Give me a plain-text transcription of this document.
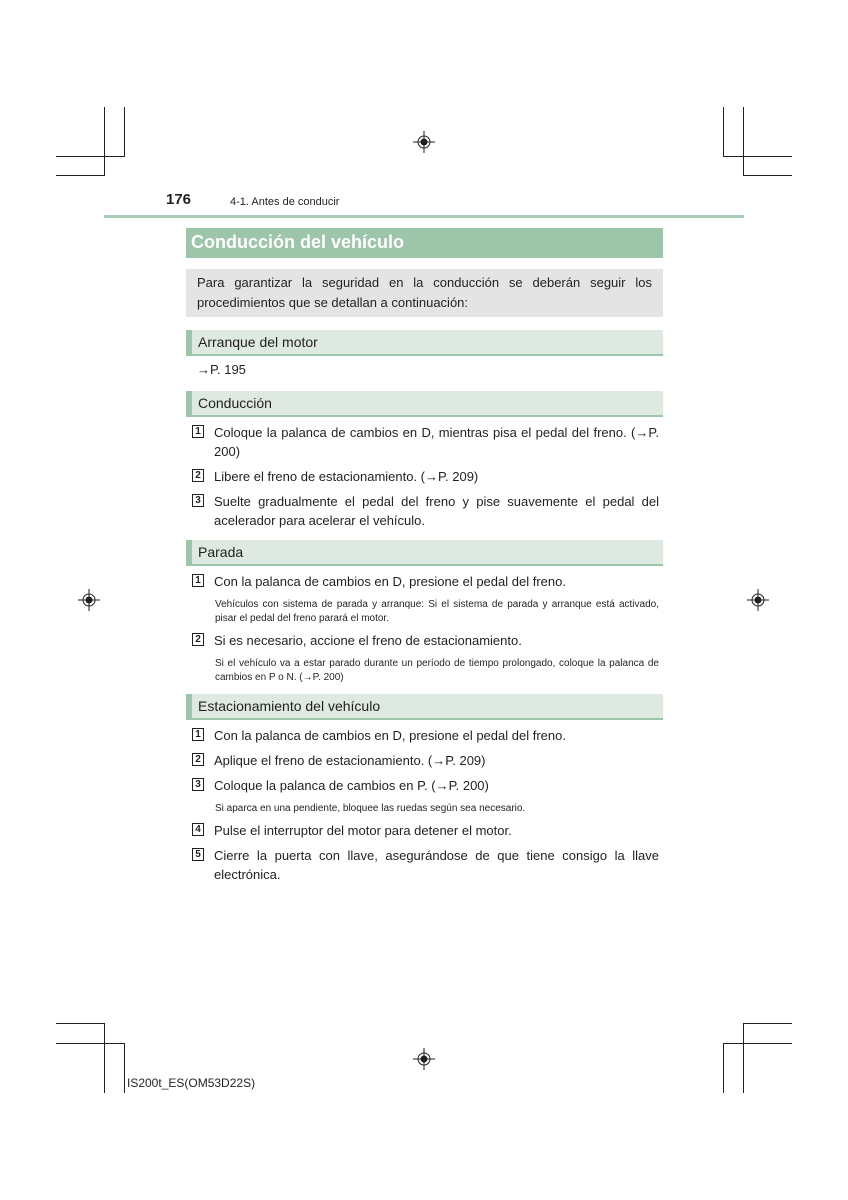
176	4-1. Antes de conducir
Conducción del vehículo
Para garantizar la seguridad en la conducción se deberán seguir los procedimientos que se detallan a continuación:
Arranque del motor
→P. 195
Conducción
1 Coloque la palanca de cambios en D, mientras pisa el pedal del freno. (→P. 200)
2 Libere el freno de estacionamiento. (→P. 209)
3 Suelte gradualmente el pedal del freno y pise suavemente el pedal del acelerador para acelerar el vehículo.
Parada
1 Con la palanca de cambios en D, presione el pedal del freno.
Vehículos con sistema de parada y arranque: Si el sistema de parada y arranque está activado, pisar el pedal del freno parará el motor.
2 Si es necesario, accione el freno de estacionamiento.
Si el vehículo va a estar parado durante un período de tiempo prolongado, coloque la palanca de cambios en P o N. (→P. 200)
Estacionamiento del vehículo
1 Con la palanca de cambios en D, presione el pedal del freno.
2 Aplique el freno de estacionamiento. (→P. 209)
3 Coloque la palanca de cambios en P. (→P. 200)
Si aparca en una pendiente, bloquee las ruedas según sea necesario.
4 Pulse el interruptor del motor para detener el motor.
5 Cierre la puerta con llave, asegurándose de que tiene consigo la llave electrónica.
IS200t_ES(OM53D22S)
